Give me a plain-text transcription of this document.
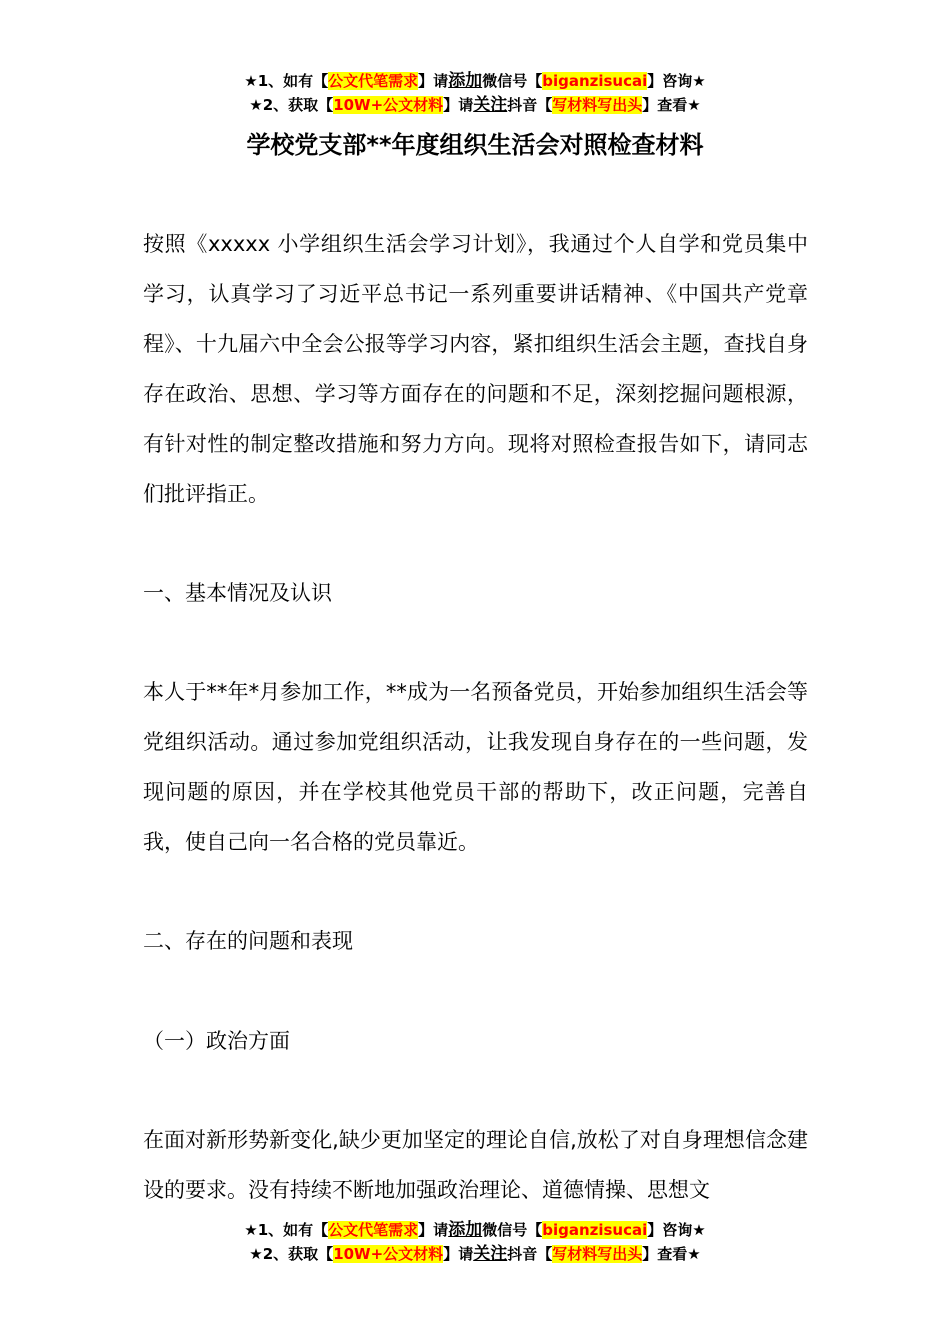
★1、如有【公文代笔需求】请添加微信号【biganzisucai】咨询★
★2、获取【10W+公文材料】请关注抖音【写材料写出头】查看★
学校党支部**年度组织生活会对照检查材料

按照《xxxxx 小学组织生活会学习计划》，我通过个人自学和党员集中学习，认真学习了习近平总书记一系列重要讲话精神、《中国共产党章程》、十九届六中全会公报等学习内容，紧扣组织生活会主题，查找自身存在政治、思想、学习等方面存在的问题和不足，深刻挖掘问题根源，有针对性的制定整改措施和努力方向。现将对照检查报告如下，请同志们批评指正。

一、基本情况及认识

本人于**年*月参加工作，**成为一名预备党员，开始参加组织生活会等党组织活动。通过参加党组织活动，让我发现自身存在的一些问题，发现问题的原因，并在学校其他党员干部的帮助下，改正问题，完善自我，使自己向一名合格的党员靠近。

二、存在的问题和表现

（一）政治方面

在面对新形势新变化,缺少更加坚定的理论自信,放松了对自身理想信念建设的要求。没有持续不断地加强政治理论、道德情操、思想文

★1、如有【公文代笔需求】请添加微信号【biganzisucai】咨询★
★2、获取【10W+公文材料】请关注抖音【写材料写出头】查看★
